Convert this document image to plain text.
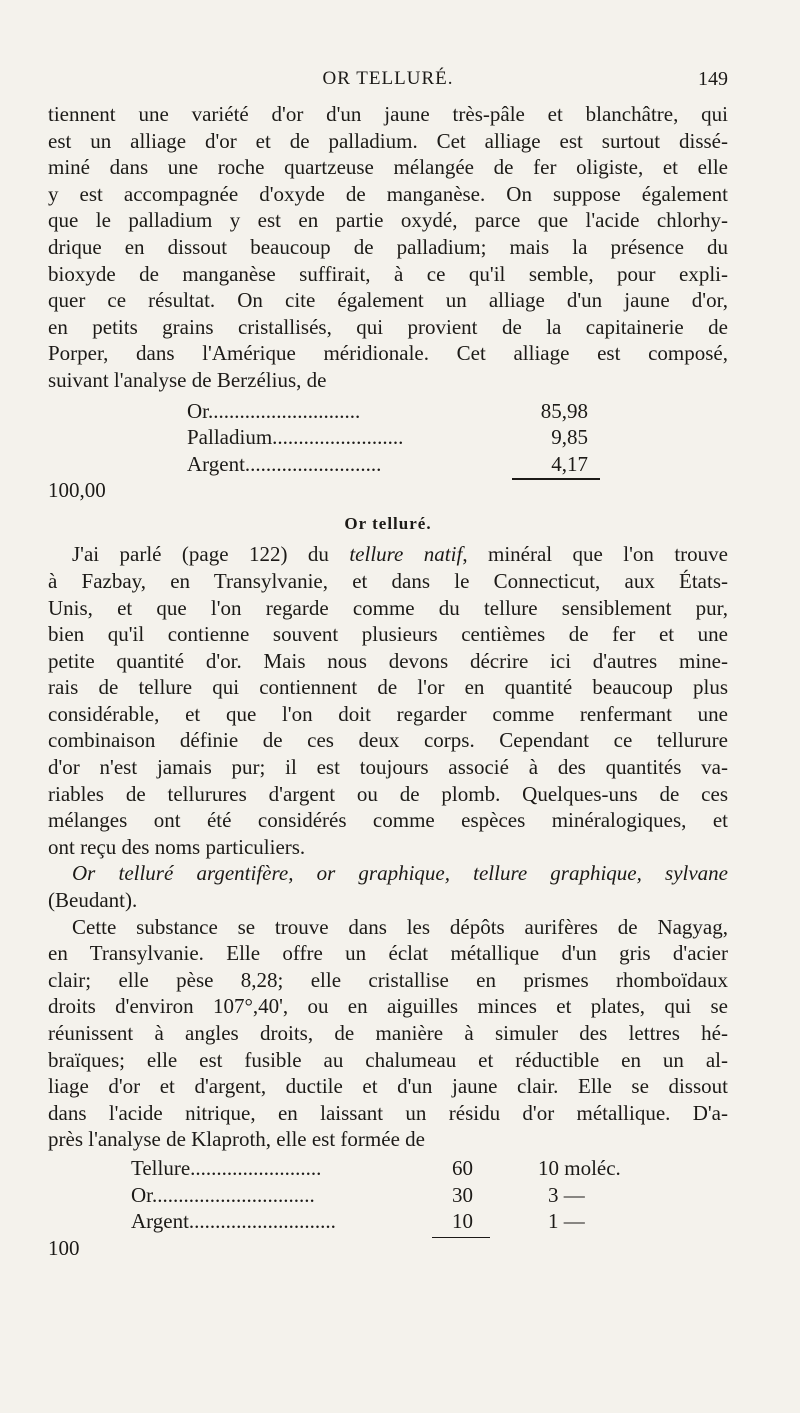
OR TELLURÉ.	149
tiennent une variété d'or d'un jaune très-pâle et blanchâtre, qui
est un alliage d'or et de palladium. Cet alliage est surtout dissé-
miné dans une roche quartzeuse mélangée de fer oligiste, et elle
y est accompagnée d'oxyde de manganèse. On suppose également
que le palladium y est en partie oxydé, parce que l'acide chlorhy-
drique en dissout beaucoup de palladium; mais la présence du
bioxyde de manganèse suffirait, à ce qu'il semble, pour expli-
quer ce résultat. On cite également un alliage d'un jaune d'or,
en petits grains cristallisés, qui provient de la capitainerie de
Porper, dans l'Amérique méridionale. Cet alliage est composé,
suivant l'analyse de Berzélius, de
Or.............................	85,98
Palladium.........................	9,85
Argent..........................	4,17
100,00
Or telluré.
J'ai parlé (page 122) du tellure natif, minéral que l'on trouve
à Fazbay, en Transylvanie, et dans le Connecticut, aux États-
Unis, et que l'on regarde comme du tellure sensiblement pur,
bien qu'il contienne souvent plusieurs centièmes de fer et une
petite quantité d'or. Mais nous devons décrire ici d'autres mine-
rais de tellure qui contiennent de l'or en quantité beaucoup plus
considérable, et que l'on doit regarder comme renfermant une
combinaison définie de ces deux corps. Cependant ce tellurure
d'or n'est jamais pur; il est toujours associé à des quantités va-
riables de tellurures d'argent ou de plomb. Quelques-uns de ces
mélanges ont été considérés comme espèces minéralogiques, et
ont reçu des noms particuliers.
Or telluré argentifère, or graphique, tellure graphique, sylvane
(Beudant).
Cette substance se trouve dans les dépôts aurifères de Nagyag,
en Transylvanie. Elle offre un éclat métallique d'un gris d'acier
clair; elle pèse 8,28; elle cristallise en prismes rhomboïdaux
droits d'environ 107°,40', ou en aiguilles minces et plates, qui se
réunissent à angles droits, de manière à simuler des lettres hé-
braïques; elle est fusible au chalumeau et réductible en un al-
liage d'or et d'argent, ductile et d'un jaune clair. Elle se dissout
dans l'acide nitrique, en laissant un résidu d'or métallique. D'a-
près l'analyse de Klaproth, elle est formée de
Tellure.........................	60	10 moléc.
Or...............................	30	3 —
Argent............................	10	1 —
100
